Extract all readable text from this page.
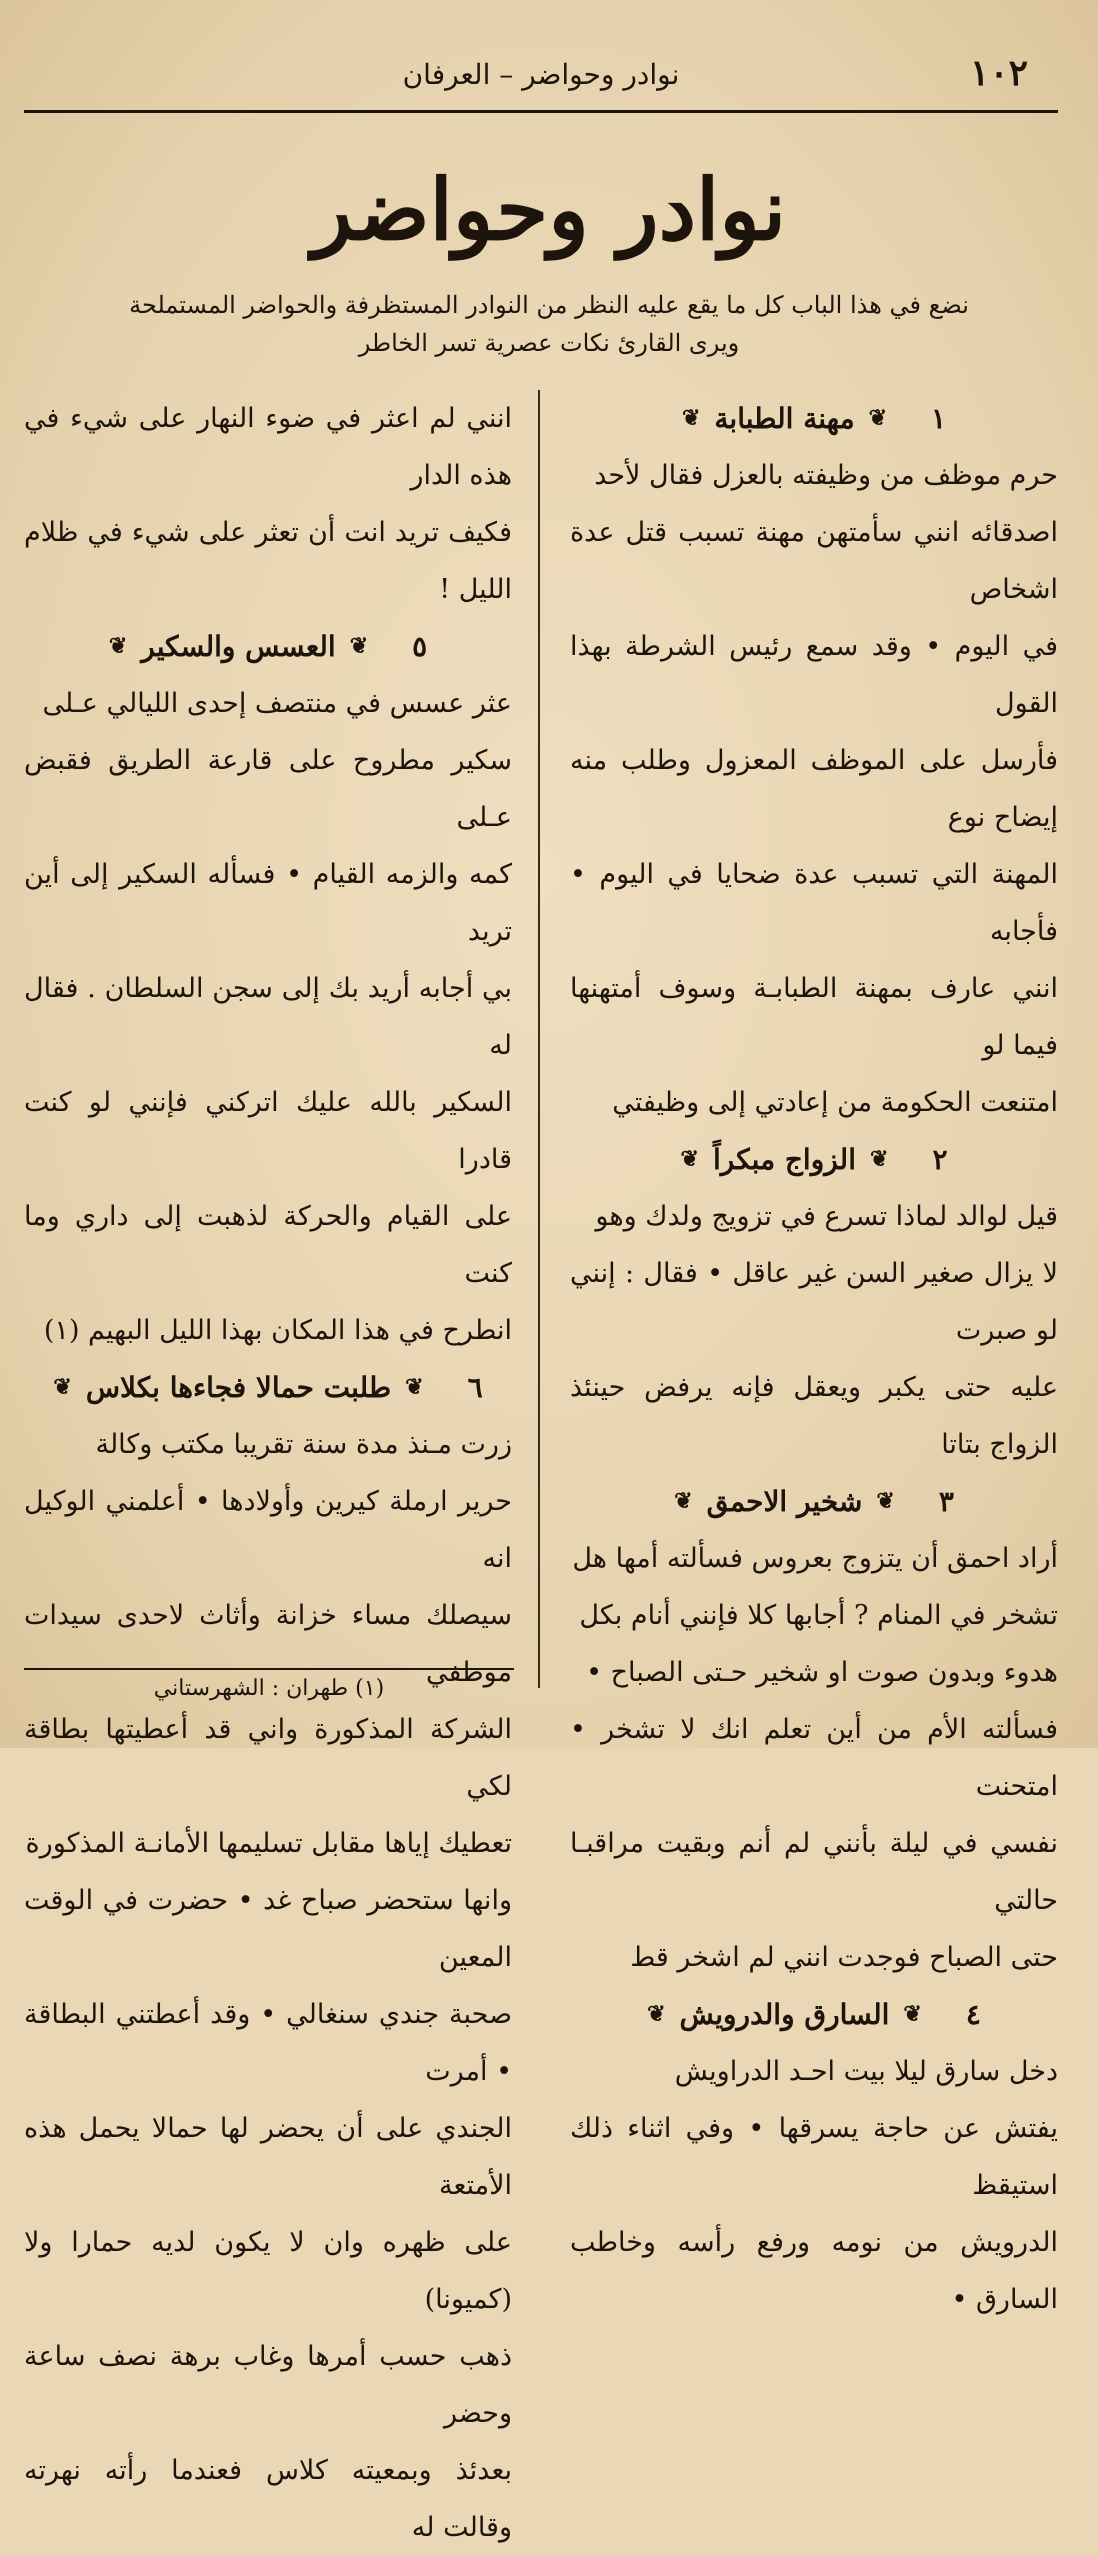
١٠٢
نوادر وحواضر – العرفان
نوادر وحواضر
نضع في هذا الباب كل ما يقع عليه النظر من النوادر المستظرفة والحواضر المستملحة
ويرى القارئ نكات عصرية تسر الخاطر
١
❦
مهنة الطبابة
❦

حرم موظف من وظيفته بالعزل فقال لأحد

اصدقائه انني سأمتهن مهنة تسبب قتل عدة اشخاص

في اليوم • وقد سمع رئيس الشرطة بهذا القول

فأرسل على الموظف المعزول وطلب منه إيضاح نوع

المهنة التي تسبب عدة ضحايا في اليوم • فأجابه

انني عارف بمهنة الطبابـة وسوف أمتهنها فيما لو

امتنعت الحكومة من إعادتي إلى وظيفتي

٢
❦
الزواج مبكراً
❦

قيل لوالد لماذا تسرع في تزويج ولدك وهو

لا يزال صغير السن غير عاقل • فقال : إنني لو صبرت

عليه حتى يكبر ويعقل فإنه يرفض حينئذ الزواج بتاتا

٣
❦
شخير الاحمق
❦

أراد احمق أن يتزوج بعروس فسألته أمها هل

تشخر في المنام ? أجابها كلا فإنني أنام بكل

هدوء وبدون صوت او شخير حـتى الصباح •

فسألته الأم من أين تعلم انك لا تشخر • امتحنت

نفسي في ليلة بأنني لم أنم وبقيت مراقبـا حالتي

حتى الصباح فوجدت انني لم اشخر قط

٤
❦
السارق والدرويش
❦

دخل سارق ليلا بيت احـد الدراويش

يفتش عن حاجة يسرقها • وفي اثناء ذلك استيقظ

الدرويش من نومه ورفع رأسه وخاطب السارق •

انني لم اعثر في ضوء النهار على شيء في هذه الدار

فكيف تريد انت أن تعثر على شيء في ظلام الليل !

٥
❦
العسس والسكير
❦

عثر عسس في منتصف إحدى الليالي عـلى

سكير مطروح على قارعة الطريق فقبض عـلى

كمه والزمه القيام • فسأله السكير إلى أين تريد

بي أجابه أريد بك إلى سجن السلطان . فقال له

السكير بالله عليك اتركني فإنني لو كنت قادرا

على القيام والحركة لذهبت إلى داري وما كنت

انطرح في هذا المكان بهذا الليل البهيم (١)

٦
❦
طلبت حمالا فجاءها بكلاس
❦

زرت مـنذ مدة سنة تقريبا مكتب وكالة

حرير ارملة كيرين وأولادها • أعلمني الوكيل انه

سيصلك مساء خزانة وأثاث لاحدى سيدات موظفي

الشركة المذكورة واني قد أعطيتها بطاقة لكي

تعطيك إياها مقابل تسليمها الأمانـة المذكورة

وانها ستحضر صباح غد • حضرت في الوقت المعين

صحبة جندي سنغالي • وقد أعطتني البطاقة • أمرت

الجندي على أن يحضر لها حمالا يحمل هذه الأمتعة

على ظهره وان لا يكون لديه حمارا ولا (كميونا)

ذهب حسب أمرها وغاب برهة نصف ساعة وحضر

بعدئذ وبمعيته كلاس فعندما رأته نهرته وقالت له

(١) طهران : الشهرستاني
